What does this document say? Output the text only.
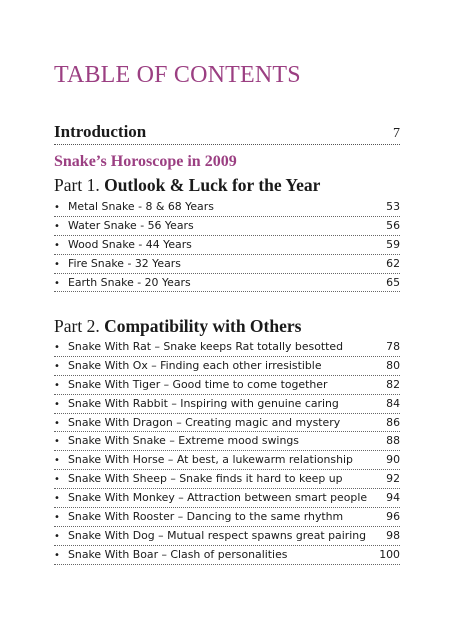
TABLE OF CONTENTS
Introduction	7
Snake’s Horoscope in 2009
Part 1. Outlook & Luck for the Year
• Metal Snake - 8 & 68 Years	53
• Water Snake - 56 Years	56
• Wood Snake - 44 Years	59
• Fire Snake - 32 Years	62
• Earth Snake - 20 Years	65
Part 2. Compatibility with Others
• Snake With Rat – Snake keeps Rat totally besotted	78
• Snake With Ox – Finding each other irresistible	80
• Snake With Tiger – Good time to come together	82
• Snake With Rabbit – Inspiring with genuine caring	84
• Snake With Dragon – Creating magic and mystery	86
• Snake With Snake – Extreme mood swings	88
• Snake With Horse – At best, a lukewarm relationship	90
• Snake With Sheep – Snake finds it hard to keep up	92
• Snake With Monkey – Attraction between smart people	94
• Snake With Rooster – Dancing to the same rhythm	96
• Snake With Dog – Mutual respect spawns great pairing	98
• Snake With Boar – Clash of personalities	100
